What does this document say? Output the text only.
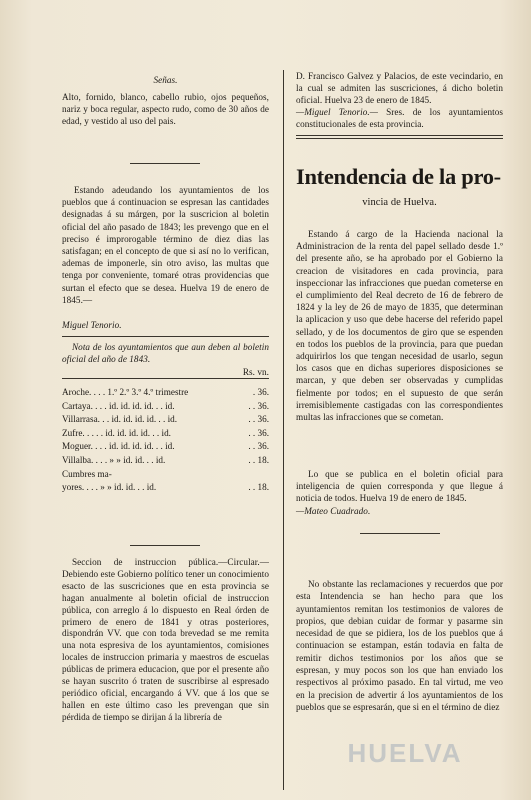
Señas.

Alto, fornido, blanco, cabello rubio, ojos pequeños, nariz y boca regular, aspecto rudo, como de 30 años de edad, y vestido al uso del pais.

Estando adeudando los ayuntamientos de los pueblos que á continuacion se espresan las cantidades designadas á su márgen, por la suscricion al boletin oficial del año pasado de 1843; les prevengo que en el preciso é improrogable término de diez dias las satisfagan; en el concepto de que si así no lo verifican, ademas de imponerle, sin otro aviso, las multas que tenga por conveniente, tomaré otras providencias que surtan el efecto que se desea. Huelva 19 de enero de 1845.—

Miguel Tenorio.

Nota de los ayuntamientos que aun deben al boletin oficial del año de 1843.

Rs. vn.

Aroche. . . . 1.º 2.º 3.º 4.º trimestre	. 36.
Cartaya. . . . id. id. id. id. . . id.	. . 36.
Villarrasa. . . id. id. id. id. . . id.	. . 36.
Zufre. . . . . id. id. id. id. . . id.	. . 36.
Moguer. . . . id. id. id. id. . . id.	. . 36.
Villalba. . . . » » id. id. . . id.	. . 18.
Cumbres ma-
yores. . . . » » id. id. . . id.	. . 18.

Seccion de instruccion pública.—Circular.— Debiendo este Gobierno político tener un conocimiento esacto de las suscriciones que en esta provincia se hagan anualmente al boletin oficial de instruccion pública, con arreglo á lo dispuesto en Real órden de primero de enero de 1841 y otras posteriores, dispondrán VV. que con toda brevedad se me remita una nota espresiva de los ayuntamientos, comisiones locales de instruccion primaria y maestros de escuelas públicas de primera educacion, que por el presente año se hayan suscrito ó traten de suscribirse al espresado periódico oficial, encargando á VV. que á los que se hallen en este último caso les prevengan que sin pérdida de tiempo se dirijan á la librería de

D. Francisco Galvez y Palacios, de este vecindario, en la cual se admiten las suscriciones, á dicho boletin oficial. Huelva 23 de enero de 1845.

—Miguel Tenorio.— Sres. de los ayuntamientos constitucionales de esta provincia.

Intendencia de la pro-

vincia de Huelva.

Estando á cargo de la Hacienda nacional la Administracion de la renta del papel sellado desde 1.º del presente año, se ha aprobado por el Gobierno la creacion de visitadores en cada provincia, para inspeccionar las infracciones que puedan cometerse en el cumplimiento del Real decreto de 16 de febrero de 1824 y la ley de 26 de mayo de 1835, que determinan la aplicacion y uso que debe hacerse del referido papel sellado, y de los documentos de giro que se espenden en todos los pueblos de la provincia, para que puedan adquirirlos los que tengan necesidad de usarlo, segun los casos que en dichas superiores disposiciones se marcan, y que deben ser observadas y cumplidas fielmente por todos; en el supuesto de que serán irremisiblemente castigadas con las correspondientes multas las infracciones que se cometan.

Lo que se publica en el boletin oficial para inteligencia de quien corresponda y que llegue á noticia de todos. Huelva 19 de enero de 1845.

—Mateo Cuadrado.

No obstante las reclamaciones y recuerdos que por esta Intendencia se han hecho para que los ayuntamientos remitan los testimonios de valores de propios, que debian cuidar de formar y pasarme sin necesidad de que se pidiera, los de los pueblos que á continuacion se estampan, están todavia en falta de remitir dichos testimonios por los años que se espresan, y muy pocos son los que han enviado los respectivos al próximo pasado. En tal virtud, me veo en la precision de advertir á los ayuntamientos de los pueblos que se espresarán, que si en el término de diez

HUELVA
